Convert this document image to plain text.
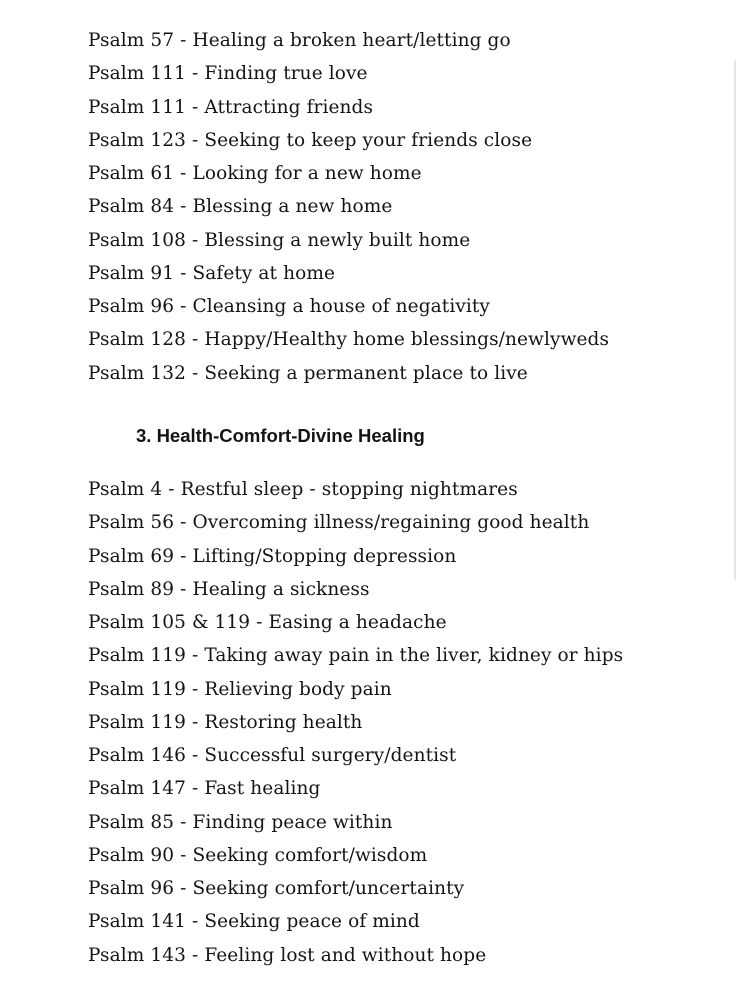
Psalm 57 - Healing a broken heart/letting go
Psalm 111 - Finding true love
Psalm 111 - Attracting friends
Psalm 123 - Seeking to keep your friends close
Psalm 61 - Looking for a new home
Psalm 84 - Blessing a new home
Psalm 108 - Blessing a newly built home
Psalm 91 - Safety at home
Psalm 96 - Cleansing a house of negativity
Psalm 128 - Happy/Healthy home blessings/newlyweds
Psalm 132 - Seeking a permanent place to live
3. Health-Comfort-Divine Healing
Psalm 4 - Restful sleep - stopping nightmares
Psalm 56 - Overcoming illness/regaining good health
Psalm 69 - Lifting/Stopping depression
Psalm 89 - Healing a sickness
Psalm 105 & 119 - Easing a headache
Psalm 119 - Taking away pain in the liver, kidney or hips
Psalm 119 - Relieving body pain
Psalm 119 - Restoring health
Psalm 146 - Successful surgery/dentist
Psalm 147 - Fast healing
Psalm 85 - Finding peace within
Psalm 90 - Seeking comfort/wisdom
Psalm 96 - Seeking comfort/uncertainty
Psalm 141 - Seeking peace of mind
Psalm 143 - Feeling lost and without hope
